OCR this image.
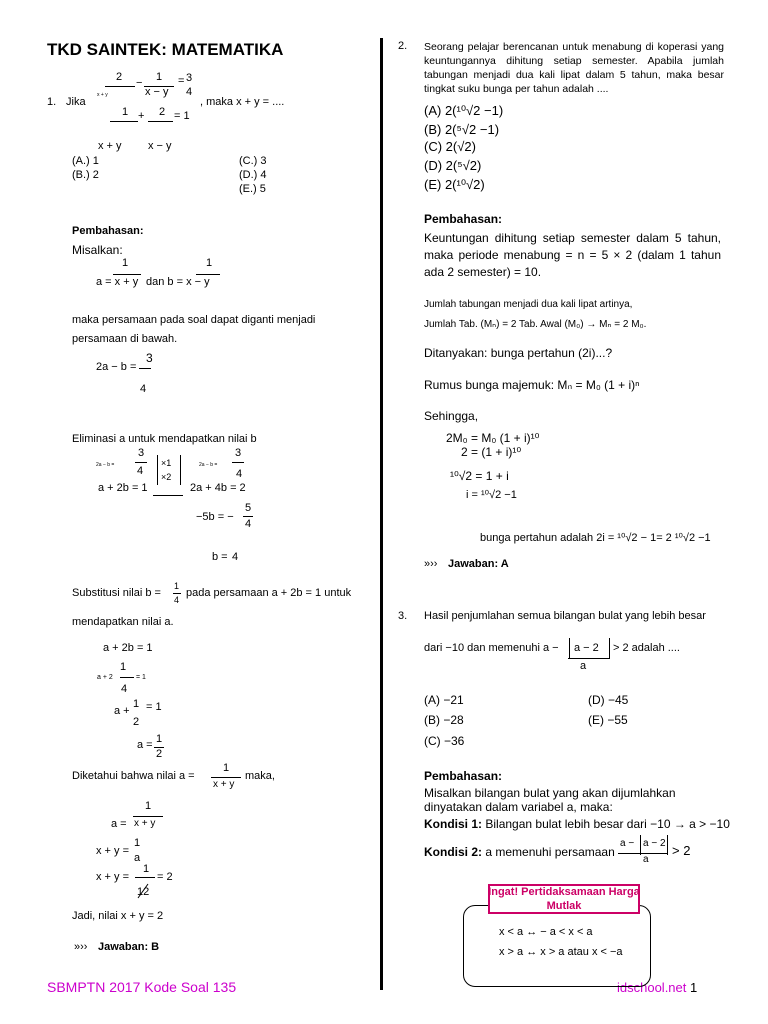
TKD SAINTEK: MATEMATIKA
SBMPTN 2017 Kode Soal 135	idschool.net 1
1. Jika
2 − 1
x − y
= 3
4
x + y
1 + 2 = 1
, maka x + y = ....
x + y x − y
(A.) 1
(B.) 2
(C.) 3
(D.) 4
(E.) 5
Pembahasan:
Misalkan:
1	1
a = x + y dan b = x − y
maka persamaan pada soal dapat diganti menjadi
persamaan di bawah.
2a − b =
3
4
Eliminasi a untuk mendapatkan nilai b
2a − b =
3
4
×1
×2
2a − b =
3
4
a + 2b = 1	2a + 4b = 2
−5b = −
5
4
b = 4
Substitusi nilai b =
1
4
pada persamaan a + 2b = 1 untuk
mendapatkan nilai a.
a + 2b = 1
1
a + 2	= 1
4
a +
1 = 1
2
a = 1
2
Diketahui bahwa nilai a =
1
x + y
maka,
1
a = x + y
x + y =
1
a
x + y =
1
= 2
12
Jadi, nilai x + y = 2
»›› Jawaban: B
2. Seorang pelajar berencanan untuk menabung di koperasi yang keuntungannya dihitung setiap semester. Apabila jumlah tabungan menjadi dua kali lipat dalam 5 tahun, maka besar tingkat suku bunga per tahun adalah ....
(A) 2(¹⁰√2 −1)
(B) 2(⁵√2 −1)
(C) 2(√2)
(D) 2(⁵√2)
(E) 2(¹⁰√2)
Pembahasan:
Keuntungan dihitung setiap semester dalam 5 tahun, maka periode menabung = n = 5 × 2 (dalam 1 tahun ada 2 semester) = 10.
Jumlah tabungan menjadi dua kali lipat artinya,
Jumlah Tab. (Mₙ) = 2 Tab. Awal (M₀) → Mₙ = 2 M₀.
Ditanyakan: bunga pertahun (2i)...?
Rumus bunga majemuk: Mₙ = M₀ (1 + i)ⁿ
Sehingga,
2M₀ = M₀ (1 + i)¹⁰
2 = (1 + i)¹⁰
¹⁰√2 = 1 + i
i = ¹⁰√2 −1
bunga pertahun adalah 2i = ¹⁰√2 − 1= 2 ¹⁰√2 −1
»›› Jawaban: A
3. Hasil penjumlahan semua bilangan bulat yang lebih besar
dari −10 dan memenuhi a − a − 2
a
> 2 adalah ....
(A) −21
(B) −28
(C) −36
(D) −45
(E) −55
Pembahasan:
Misalkan bilangan bulat yang akan dijumlahkan dinyatakan dalam variabel a, maka:
Kondisi 1: Bilangan bulat lebih besar dari −10 → a > −10
Kondisi 2: a memenuhi persamaan
a − a − 2
a
> 2
Ingat! Pertidaksamaan Harga Mutlak
x < a ↔ − a < x < a
x > a ↔ x > a atau x < −a
